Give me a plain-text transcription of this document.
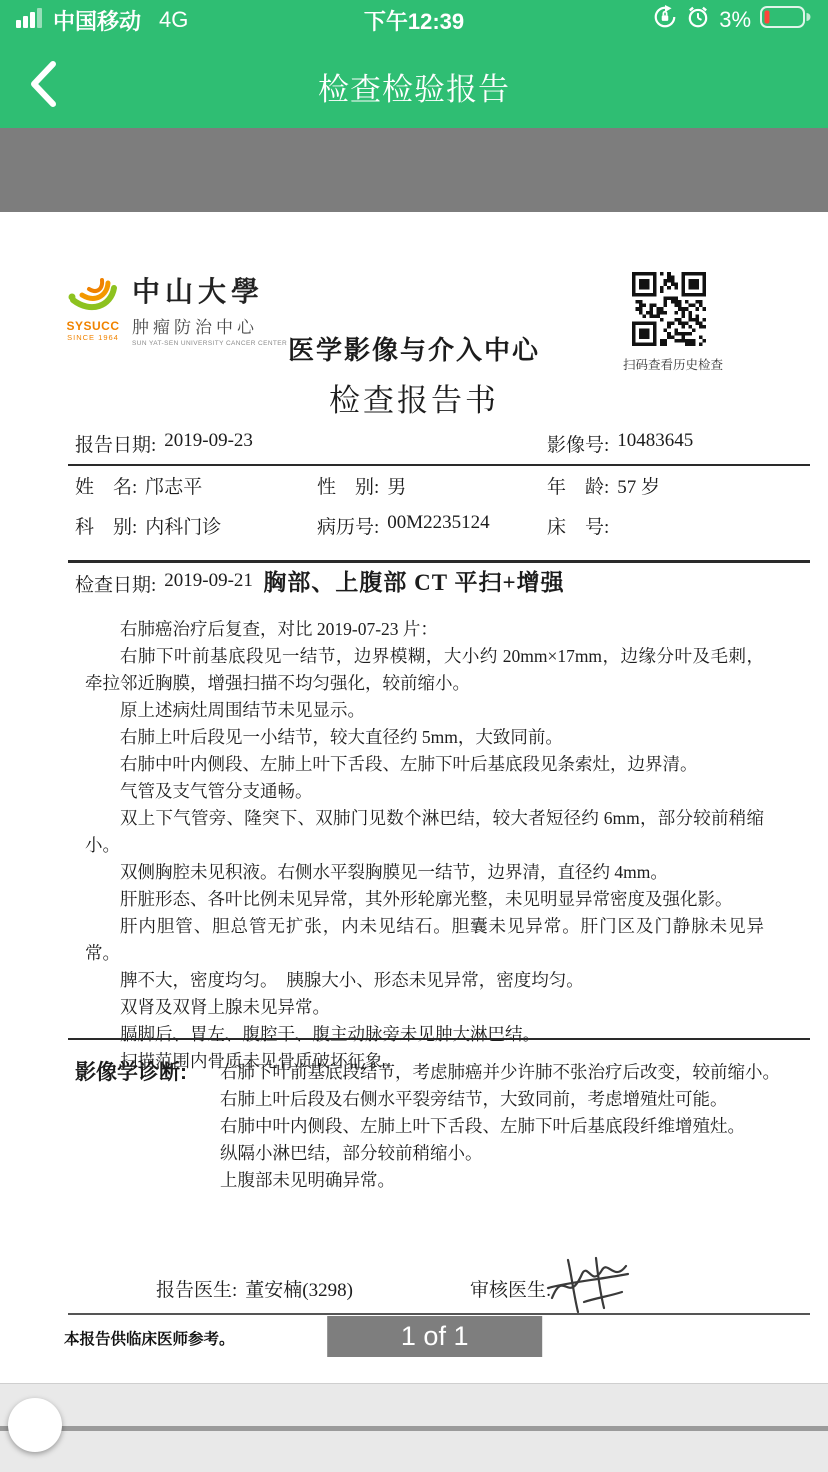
中国移动 4G	下午12:39	3%
检查检验报告
SYSUCC
SINCE 1964
中山大學
肿瘤防治中心
SUN YAT-SEN UNIVERSITY CANCER CENTER
扫码查看历史检查
医学影像与介入中心
检查报告书
报告日期: 2019-09-23	影像号: 10483645
姓　名: 邝志平	性　别: 男	年　龄: 57 岁
科　别: 内科门诊	病历号: 00M2235124	床　号:
检查日期: 2019-09-21 胸部、上腹部 CT 平扫+增强

右肺癌治疗后复查，对比 2019-07-23 片：

右肺下叶前基底段见一结节，边界模糊，大小约 20mm×17mm，边缘分叶及毛刺，牵拉邻近胸膜，增强扫描不均匀强化，较前缩小。

原上述病灶周围结节未见显示。

右肺上叶后段见一小结节，较大直径约 5mm，大致同前。

右肺中叶内侧段、左肺上叶下舌段、左肺下叶后基底段见条索灶，边界清。

气管及支气管分支通畅。

双上下气管旁、隆突下、双肺门见数个淋巴结，较大者短径约 6mm，部分较前稍缩小。

双侧胸腔未见积液。右侧水平裂胸膜见一结节，边界清，直径约 4mm。

肝脏形态、各叶比例未见异常，其外形轮廓光整，未见明显异常密度及强化影。

肝内胆管、胆总管无扩张，内未见结石。胆囊未见异常。肝门区及门静脉未见异常。

脾不大，密度均匀。　胰腺大小、形态未见异常，密度均匀。

双肾及双肾上腺未见异常。

膈脚后、胃左、腹腔干、腹主动脉旁未见肿大淋巴结。

扫描范围内骨质未见骨质破坏征象。

影像学诊断:	右肺下叶前基底段结节，考虑肺癌并少许肺不张治疗后改变，较前缩小。
右肺上叶后段及右侧水平裂旁结节，大致同前，考虑增殖灶可能。
右肺中叶内侧段、左肺上叶下舌段、左肺下叶后基底段纤维增殖灶。
纵隔小淋巴结，部分较前稍缩小。
上腹部未见明确异常。
报告医生: 董安楠(3298)	审核医生:
本报告供临床医师参考。	1 of 1
